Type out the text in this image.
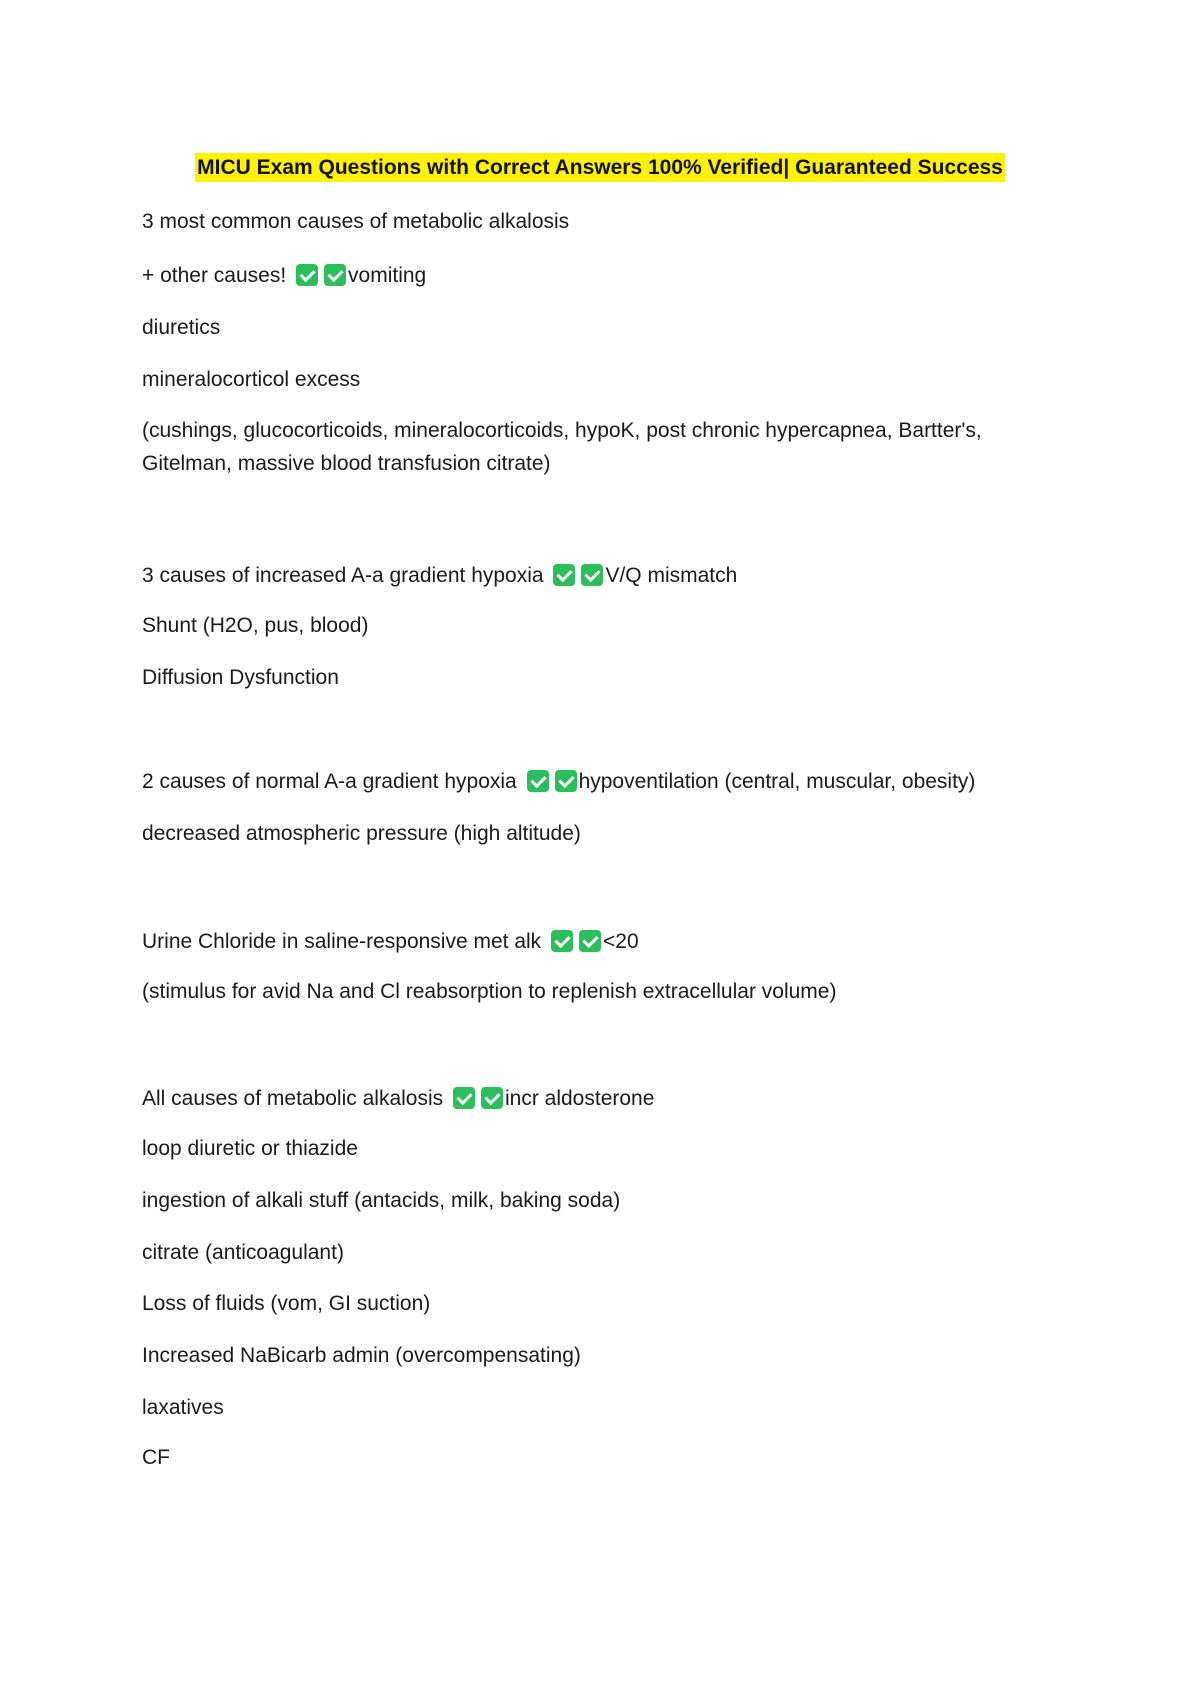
MICU Exam Questions with Correct Answers 100% Verified| Guaranteed Success
3 most common causes of metabolic alkalosis
+ other causes!	vomiting
diuretics
mineralocorticol excess
(cushings, glucocorticoids, mineralocorticoids, hypoK, post chronic hypercapnea, Bartter's, Gitelman, massive blood transfusion citrate)
3 causes of increased A-a gradient hypoxia	V/Q mismatch
Shunt (H2O, pus, blood)
Diffusion Dysfunction
2 causes of normal A-a gradient hypoxia	hypoventilation (central, muscular, obesity)
decreased atmospheric pressure (high altitude)
Urine Chloride in saline-responsive met alk	<20
(stimulus for avid Na and Cl reabsorption to replenish extracellular volume)
All causes of metabolic alkalosis	incr aldosterone
loop diuretic or thiazide
ingestion of alkali stuff (antacids, milk, baking soda)
citrate (anticoagulant)
Loss of fluids (vom, GI suction)
Increased NaBicarb admin (overcompensating)
laxatives
CF
